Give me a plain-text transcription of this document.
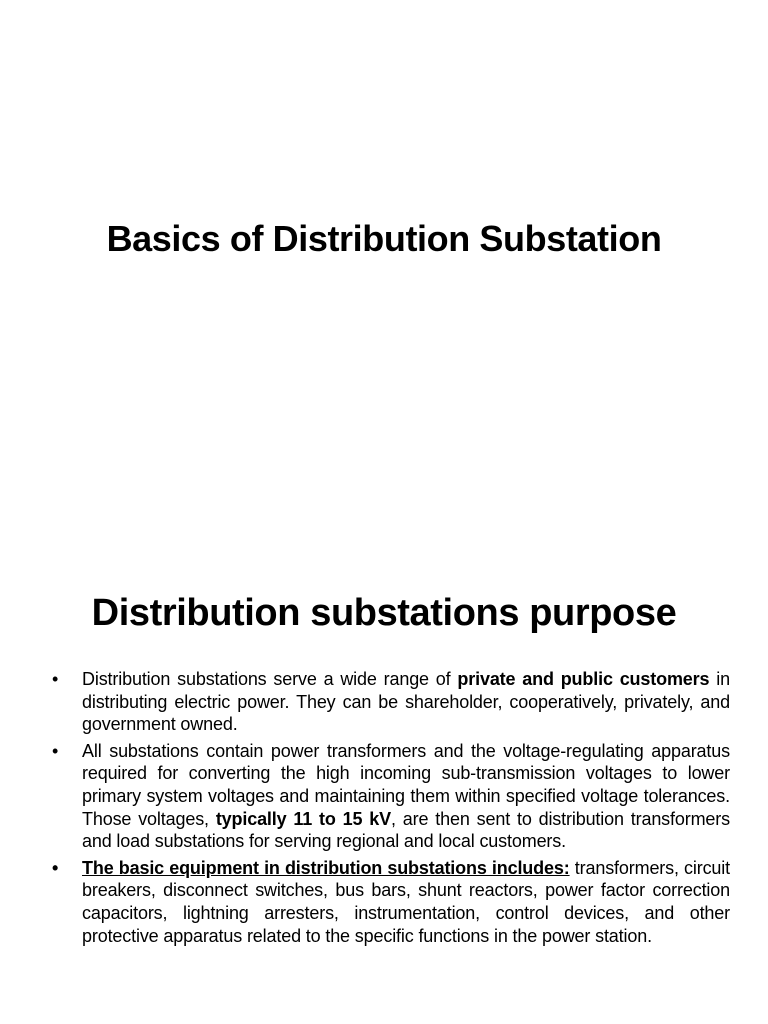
Basics of Distribution Substation
Distribution substations purpose
• Distribution substations serve a wide range of private and public customers in distributing electric power. They can be shareholder, cooperatively, privately, and government owned.
• All substations contain power transformers and the voltage-regulating apparatus required for converting the high incoming sub-transmission voltages to lower primary system voltages and maintaining them within specified voltage tolerances. Those voltages, typically 11 to 15 kV, are then sent to distribution transformers and load substations for serving regional and local customers.
• The basic equipment in distribution substations includes: transformers, circuit breakers, disconnect switches, bus bars, shunt reactors, power factor correction capacitors, lightning arresters, instrumentation, control devices, and other protective apparatus related to the specific functions in the power station.
